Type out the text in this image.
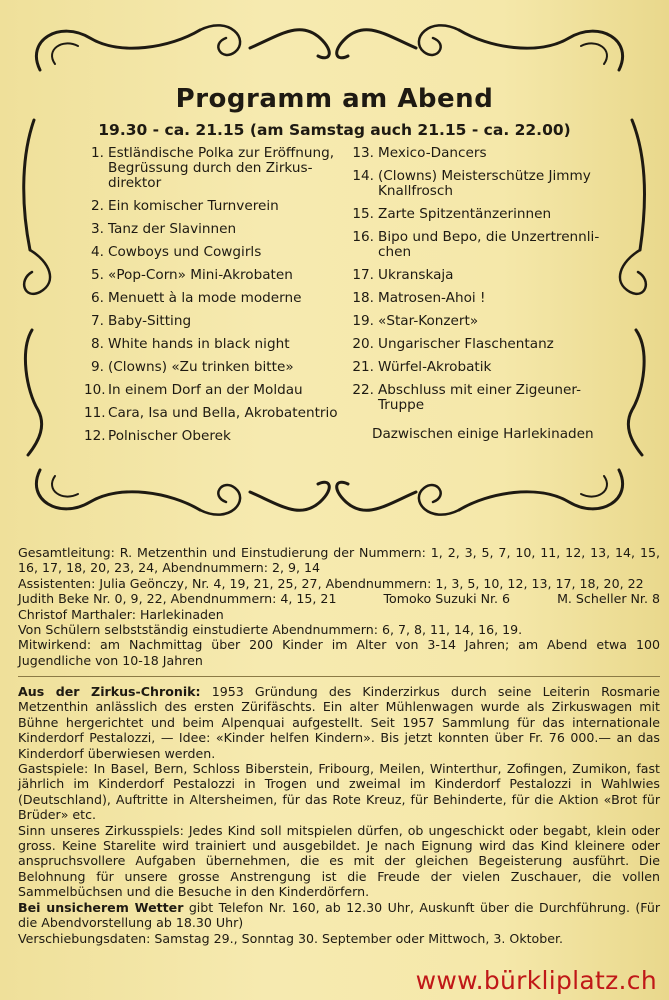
Programm am Abend
19.30 - ca. 21.15 (am Samstag auch 21.15 - ca. 22.00)
1. Estländische Polka zur Eröffnung, Begrüssung durch den Zirkus-direktor
2. Ein komischer Turnverein
3. Tanz der Slavinnen
4. Cowboys und Cowgirls
5. «Pop-Corn» Mini-Akrobaten
6. Menuett à la mode moderne
7. Baby-Sitting
8. White hands in black night
9. (Clowns) «Zu trinken bitte»
10. In einem Dorf an der Moldau
11. Cara, Isa und Bella, Akrobatentrio
12. Polnischer Oberek
13. Mexico-Dancers
14. (Clowns) Meisterschütze Jimmy Knallfrosch
15. Zarte Spitzentänzerinnen
16. Bipo und Bepo, die Unzertrennli-chen
17. Ukranskaja
18. Matrosen-Ahoi !
19. «Star-Konzert»
20. Ungarischer Flaschentanz
21. Würfel-Akrobatik
22. Abschluss mit einer Zigeuner-Truppe
Dazwischen einige Harlekinaden

Gesamtleitung: R. Metzenthin und Einstudierung der Nummern: 1, 2, 3, 5, 7, 10, 11, 12, 13, 14, 15, 16, 17, 18, 20, 23, 24, Abendnummern: 2, 9, 14

Assistenten: Julia Geönczy, Nr. 4, 19, 21, 25, 27, Abendnummern: 1, 3, 5, 10, 12, 13, 17, 18, 20, 22

Judith Beke Nr. 0, 9, 22, Abendnummern: 4, 15, 21	Tomoko Suzuki Nr. 6	M. Scheller Nr. 8

Christof Marthaler: Harlekinaden

Von Schülern selbstständig einstudierte Abendnummern: 6, 7, 8, 11, 14, 16, 19.

Mitwirkend: am Nachmittag über 200 Kinder im Alter von 3-14 Jahren; am Abend etwa 100 Jugendliche von 10-18 Jahren

Aus der Zirkus-Chronik: 1953 Gründung des Kinderzirkus durch seine Leiterin Rosmarie Metzenthin anlässlich des ersten Zürifäschts. Ein alter Mühlenwagen wurde als Zirkuswagen mit Bühne hergerichtet und beim Alpenquai aufgestellt. Seit 1957 Sammlung für das internationale Kinderdorf Pestalozzi, — Idee: «Kinder helfen Kindern». Bis jetzt konnten über Fr. 76 000.— an das Kinderdorf überwiesen werden.

Gastspiele: In Basel, Bern, Schloss Biberstein, Fribourg, Meilen, Winterthur, Zofingen, Zumikon, fast jährlich im Kinderdorf Pestalozzi in Trogen und zweimal im Kinderdorf Pestalozzi in Wahlwies (Deutschland), Auftritte in Altersheimen, für das Rote Kreuz, für Behinderte, für die Aktion «Brot für Brüder» etc.

Sinn unseres Zirkusspiels: Jedes Kind soll mitspielen dürfen, ob ungeschickt oder begabt, klein oder gross. Keine Starelite wird trainiert und ausgebildet. Je nach Eignung wird das Kind kleinere oder anspruchsvollere Aufgaben übernehmen, die es mit der gleichen Begeisterung ausführt. Die Belohnung für unsere grosse Anstrengung ist die Freude der vielen Zuschauer, die vollen Sammelbüchsen und die Besuche in den Kinderdörfern.

Bei unsicherem Wetter gibt Telefon Nr. 160, ab 12.30 Uhr, Auskunft über die Durchführung. (Für die Abendvorstellung ab 18.30 Uhr)

Verschiebungsdaten: Samstag 29., Sonntag 30. September oder Mittwoch, 3. Oktober.

www.bürkliplatz.ch
